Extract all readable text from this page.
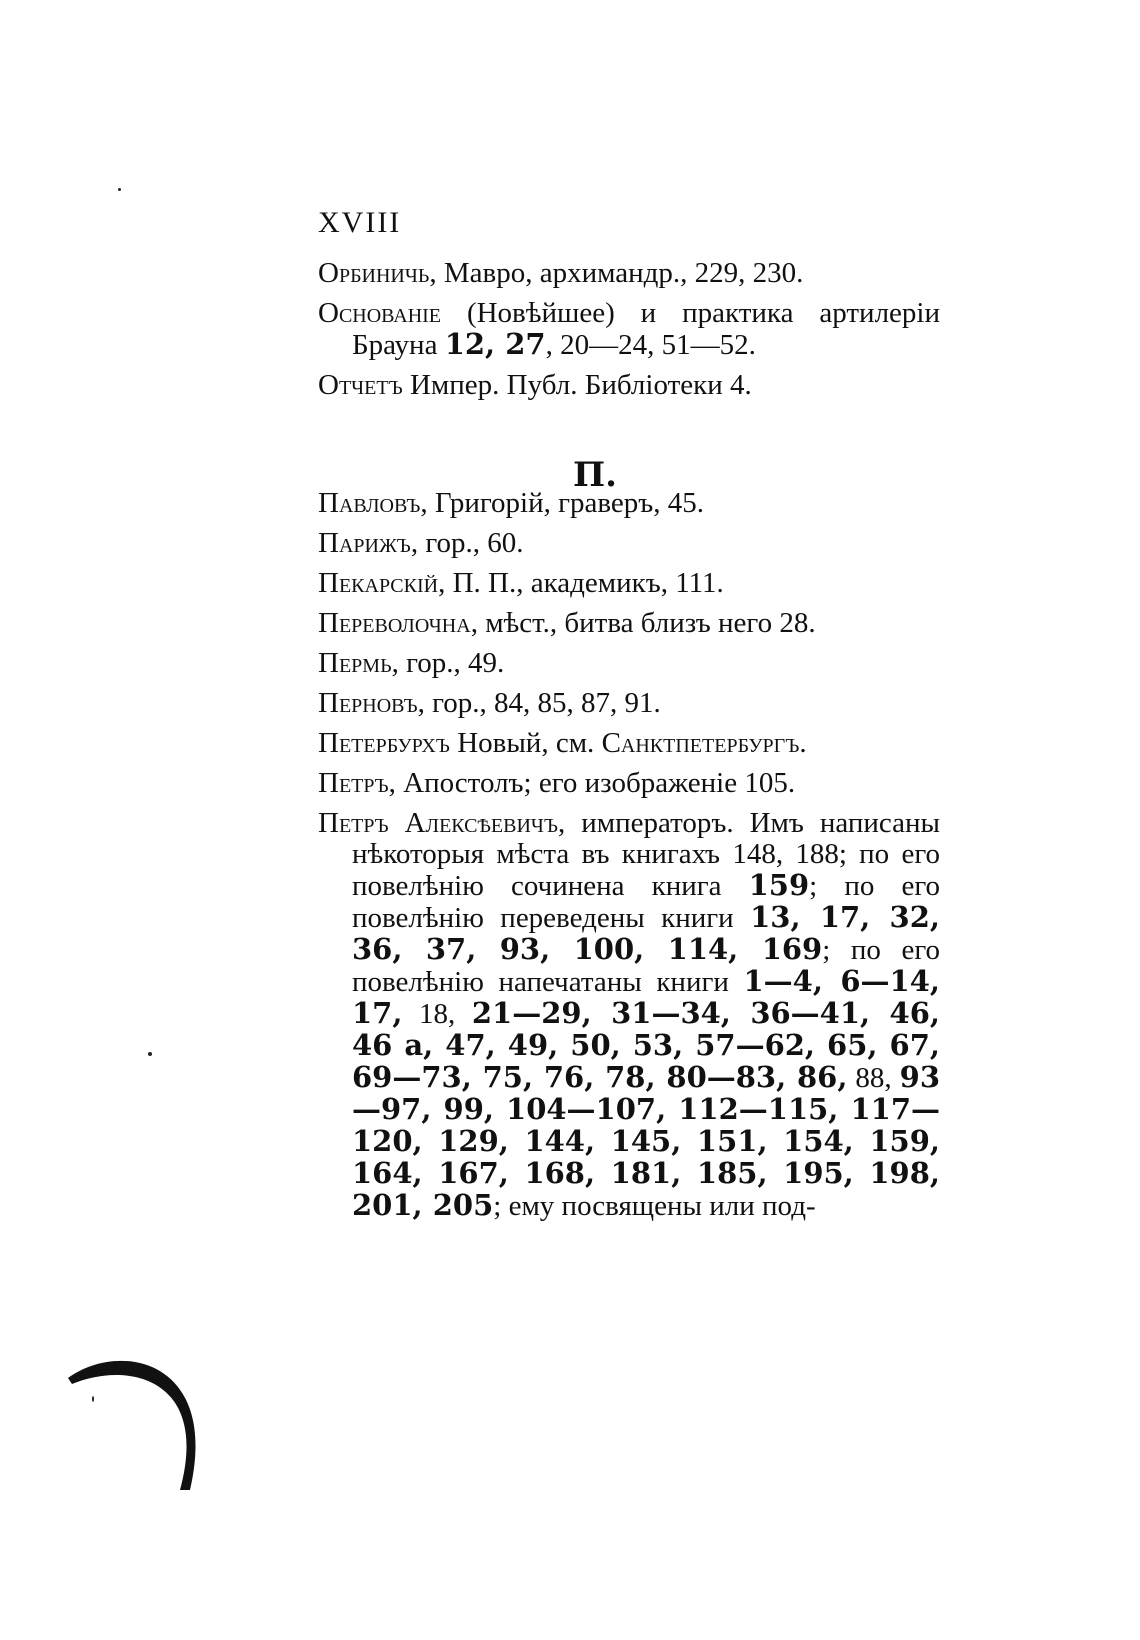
XVIII
Орбиничь, Мавро, архимандр., 229, 230.
Основаніе (Новѣйшее) и практика артилеріи Брауна 12, 27, 20—24, 51—52.
Отчетъ Импер. Публ. Библіотеки 4.
П.
Павловъ, Григорій, граверъ, 45.
Парижъ, гор., 60.
Пекарскій, П. П., академикъ, 111.
Переволочна, мѣст., битва близъ него 28.
Пермь, гор., 49.
Перновъ, гор., 84, 85, 87, 91.
Петербурхъ Новый, см. Санктпетербургъ.
Петръ, Апостолъ; его изображеніе 105.
Петръ Алексѣевичъ, императоръ. Имъ написаны нѣкоторыя мѣста въ книгахъ 148, 188; по его повелѣнію сочинена книга 159; по его повелѣнію переведены книги 13, 17, 32, 36, 37, 93, 100, 114, 169; по его повелѣнію напечатаны книги 1—4, 6—14, 17, 18, 21—29, 31—34, 36—41, 46, 46 а, 47, 49, 50, 53, 57—62, 65, 67, 69—73, 75, 76, 78, 80—83, 86, 88, 93—97, 99, 104—107, 112—115, 117—120, 129, 144, 145, 151, 154, 159, 164, 167, 168, 181, 185, 195, 198, 201, 205; ему посвящены или под-
